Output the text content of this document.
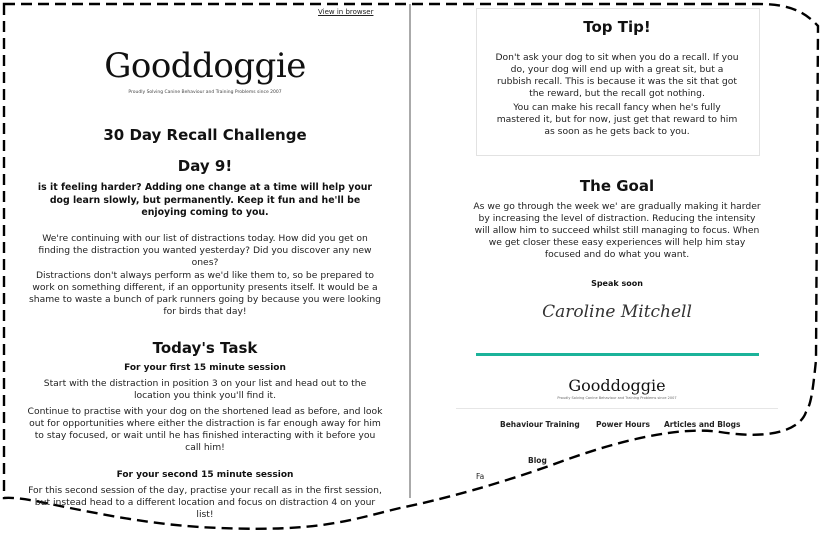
View in browser
Gooddoggie
Proudly Solving Canine Behaviour and Training Problems since 2007
30 Day Recall Challenge
Day 9!
is it feeling harder? Adding one change at a time will help your dog learn slowly, but permanently. Keep it fun and he'll be enjoying coming to you.
We're continuing with our list of distractions today. How did you get on finding the distraction you wanted yesterday? Did you discover any new ones?
Distractions don't always perform as we'd like them to, so be prepared to work on something different, if an opportunity presents itself. It would be a shame to waste a bunch of park runners going by because you were looking for birds that day!
Today's Task
For your first 15 minute session
Start with the distraction in position 3 on your list and head out to the location you think you'll find it.
Continue to practise with your dog on the shortened lead as before, and look out for opportunities where either the distraction is far enough away for him to stay focused, or wait until he has finished interacting with it before you call him!
For your second 15 minute session
For this second session of the day, practise your recall as in the first session, but instead head to a different location and focus on distraction 4 on your list!
Top Tip!
Don't ask your dog to sit when you do a recall. If you do, your dog will end up with a great sit, but a rubbish recall. This is because it was the sit that got the reward, but the recall got nothing.
You can make his recall fancy when he's fully mastered it, but for now, just get that reward to him as soon as he gets back to you.
The Goal
As we go through the week we' are gradually making it harder by increasing the level of distraction. Reducing the intensity will allow him to succeed whilst still managing to focus. When we get closer these easy experiences will help him stay focused and do what you want.
Speak soon
Caroline Mitchell
Gooddoggie
Proudly Solving Canine Behaviour and Training Problems since 2007
Behaviour Training Power Hours Articles and Blogs
Blog
Fa
